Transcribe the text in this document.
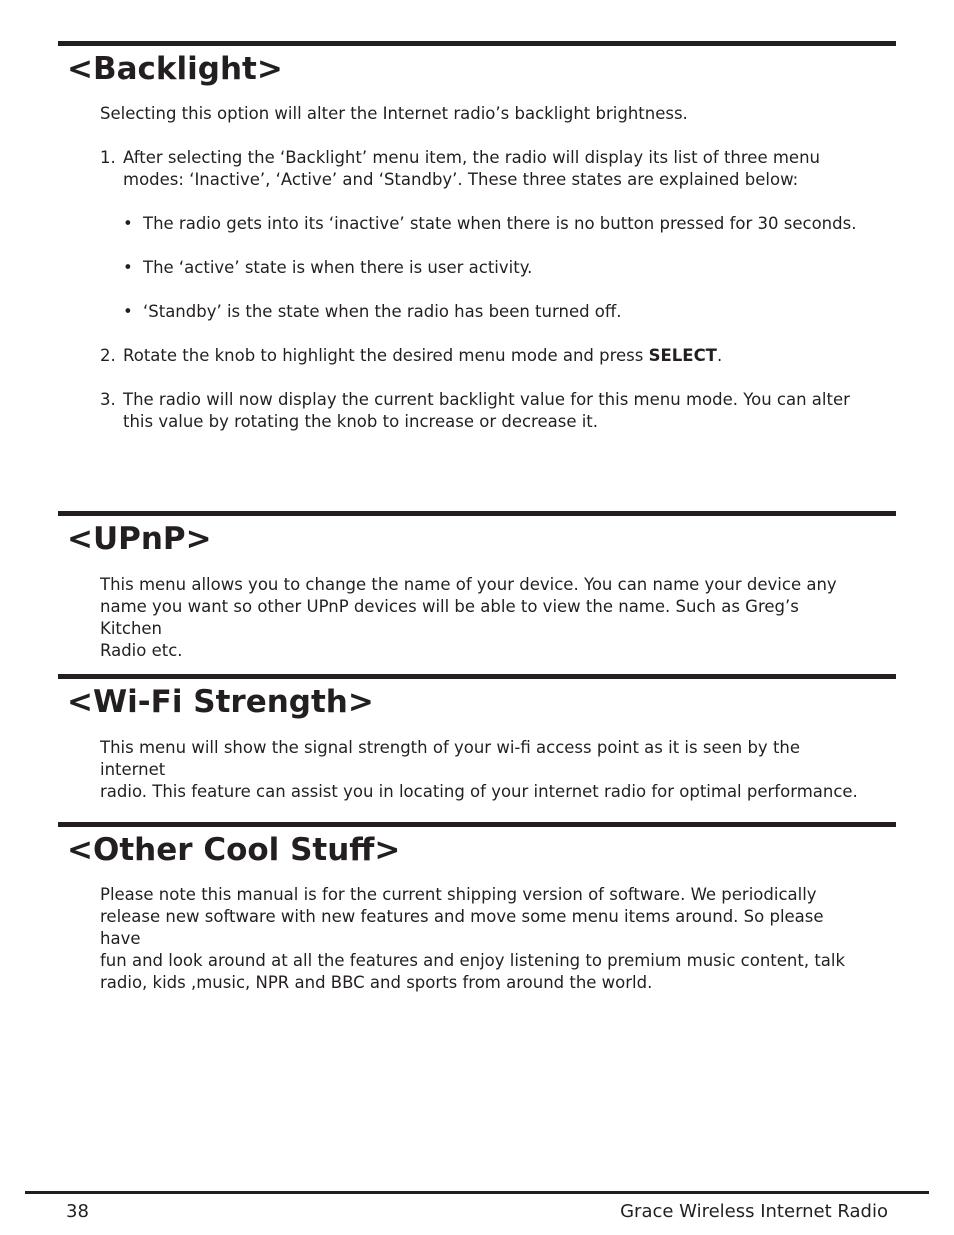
<Backlight>

Selecting this option will alter the Internet radio’s backlight brightness.

1. After selecting the ‘Backlight’ menu item, the radio will display its list of three menu
modes: ‘Inactive’, ‘Active’ and ‘Standby’. These three states are explained below:
• The radio gets into its ‘inactive’ state when there is no button pressed for 30 seconds.
• The ‘active’ state is when there is user activity.
• ‘Standby’ is the state when the radio has been turned off.
2. Rotate the knob to highlight the desired menu mode and press SELECT.
3. The radio will now display the current backlight value for this menu mode. You can alter
this value by rotating the knob to increase or decrease it.
<UPnP>

This menu allows you to change the name of your device. You can name your device any
name you want so other UPnP devices will be able to view the name. Such as Greg’s Kitchen
Radio etc.

<Wi-Fi Strength>

This menu will show the signal strength of your wi-fi access point as it is seen by the internet
radio. This feature can assist you in locating of your internet radio for optimal performance.

<Other Cool Stuff>

Please note this manual is for the current shipping version of software. We periodically
release new software with new features and move some menu items around. So please have
fun and look around at all the features and enjoy listening to premium music content, talk
radio, kids ,music, NPR and BBC and sports from around the world.

38	Grace Wireless Internet Radio
